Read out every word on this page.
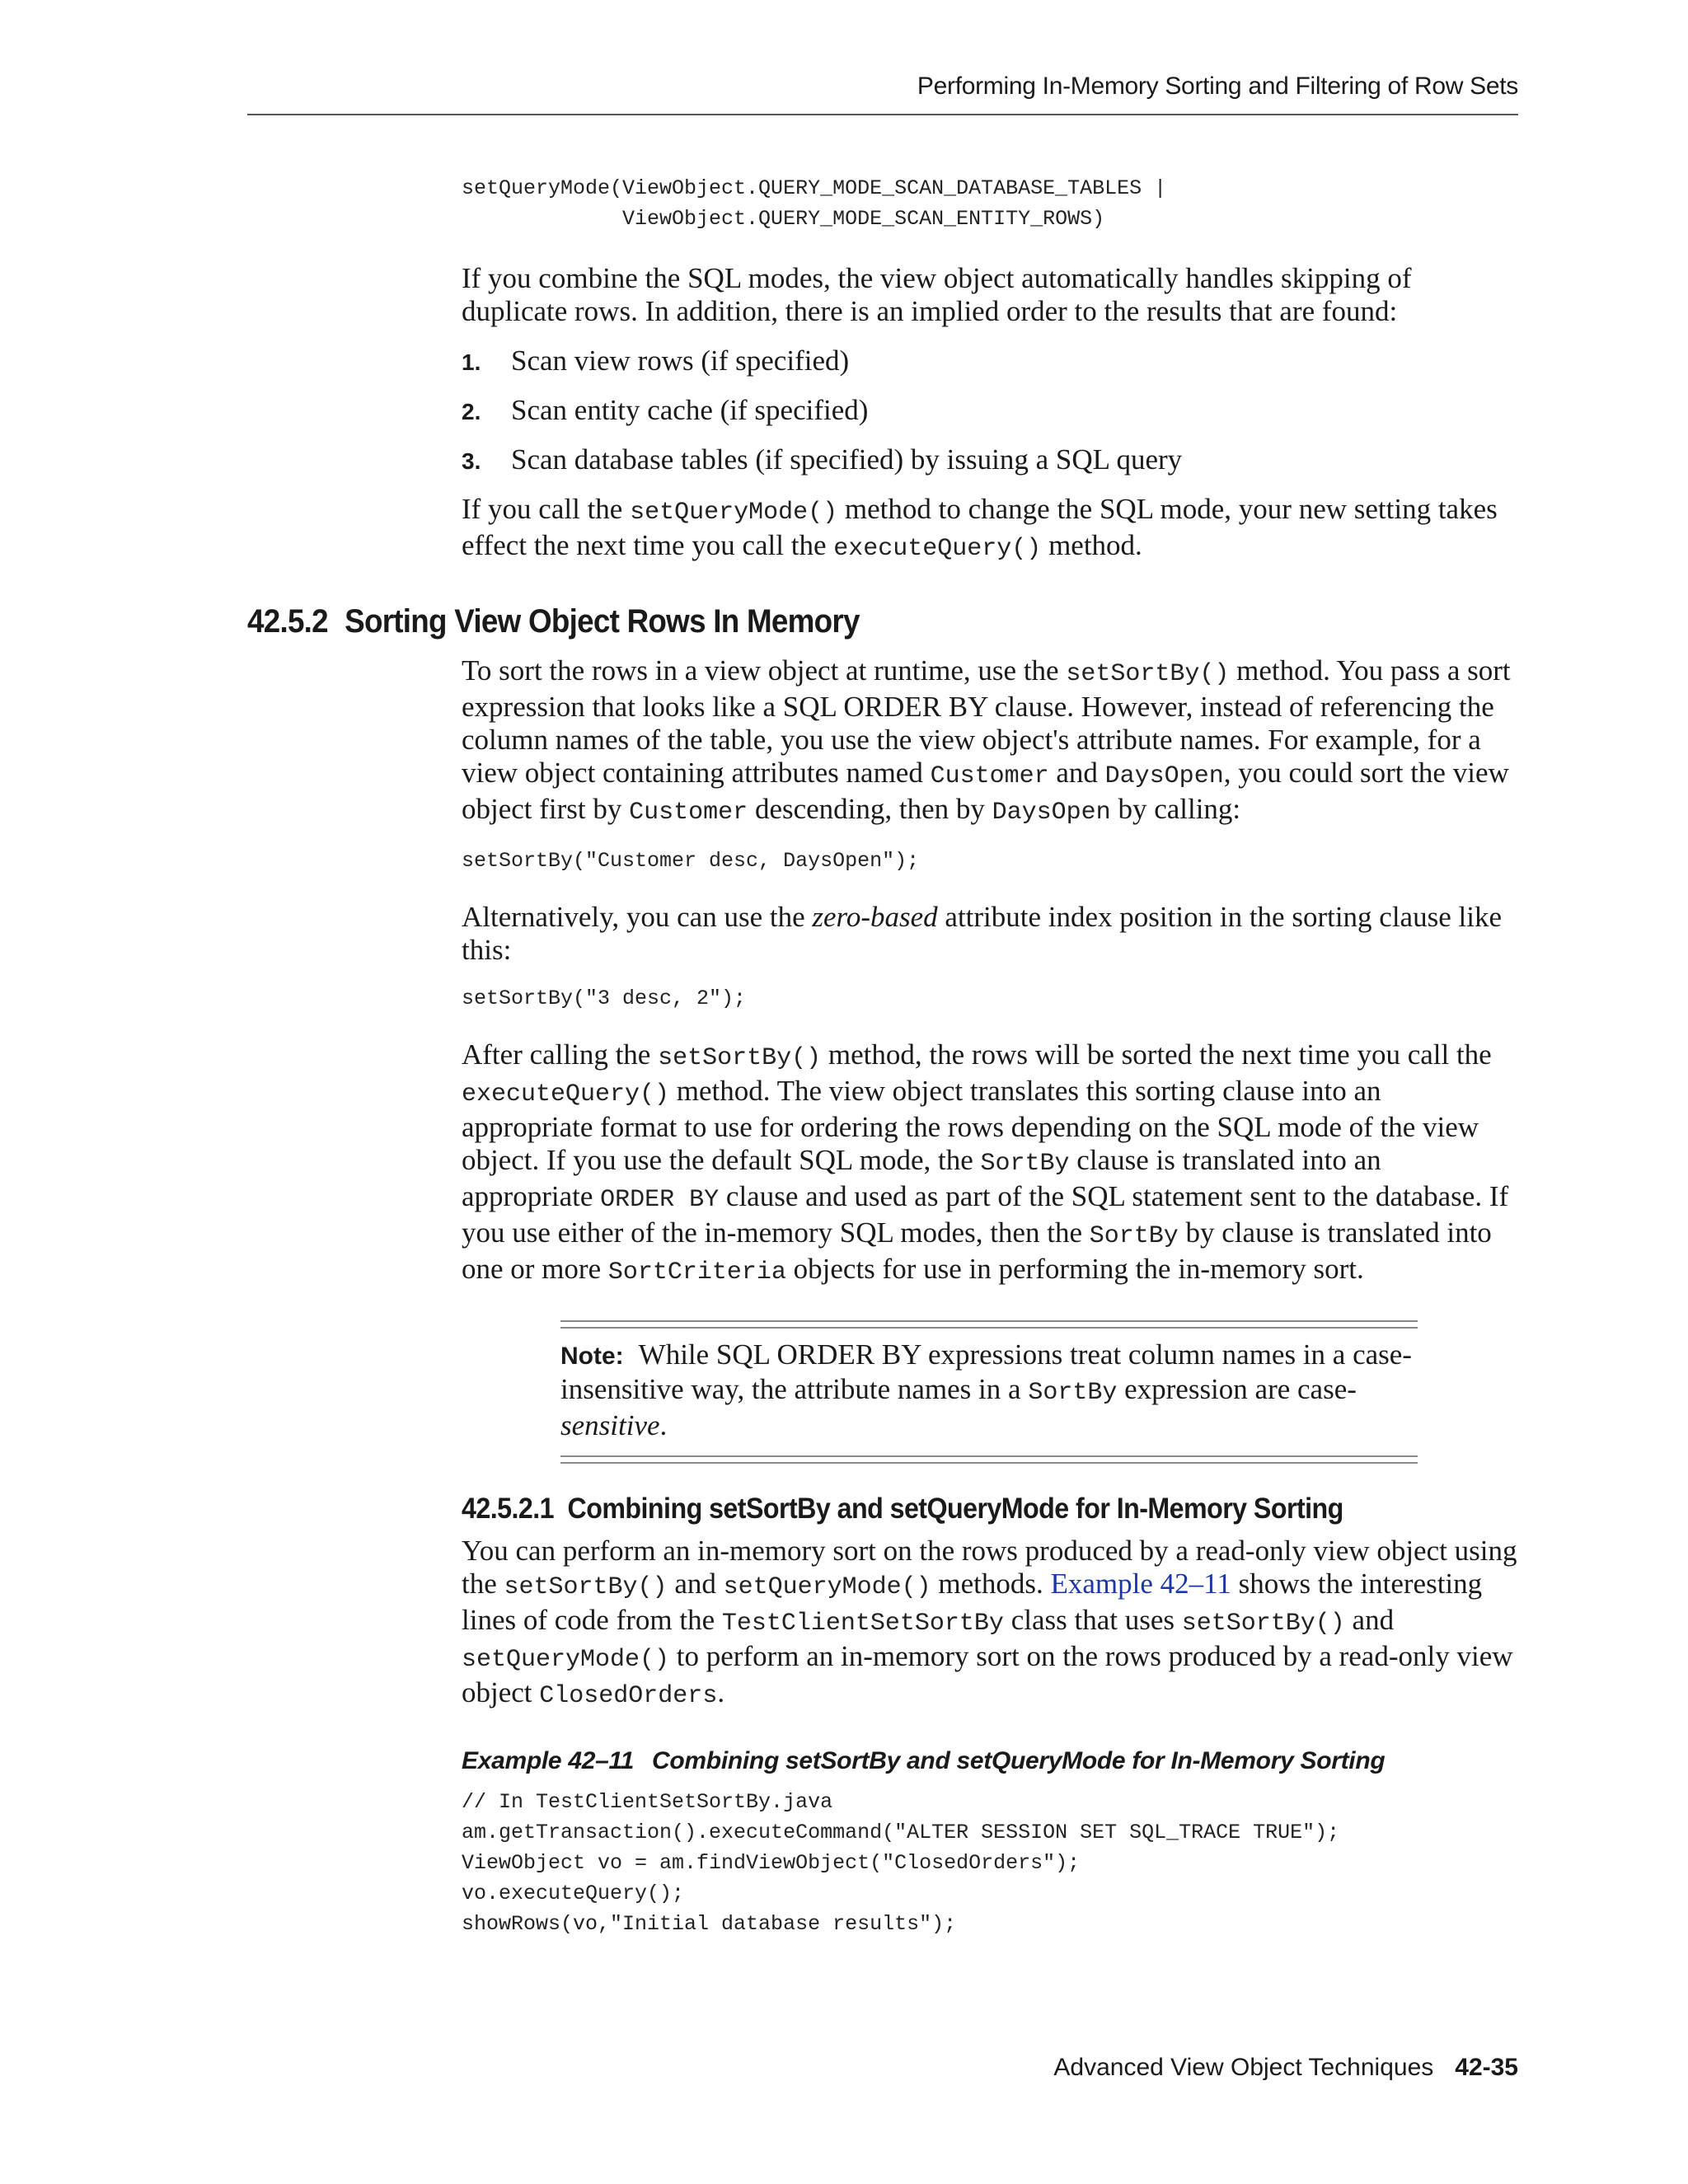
Performing In-Memory Sorting and Filtering of Row Sets
setQueryMode(ViewObject.QUERY_MODE_SCAN_DATABASE_TABLES |
ViewObject.QUERY_MODE_SCAN_ENTITY_ROWS)

If you combine the SQL modes, the view object automatically handles skipping of duplicate rows. In addition, there is an implied order to the results that are found:

1. Scan view rows (if specified)

2. Scan entity cache (if specified)

3. Scan database tables (if specified) by issuing a SQL query

If you call the setQueryMode() method to change the SQL mode, your new setting takes effect the next time you call the executeQuery() method.

42.5.2 Sorting View Object Rows In Memory

To sort the rows in a view object at runtime, use the setSortBy() method. You pass a sort expression that looks like a SQL ORDER BY clause. However, instead of referencing the column names of the table, you use the view object's attribute names. For example, for a view object containing attributes named Customer and DaysOpen, you could sort the view object first by Customer descending, then by DaysOpen by calling:

setSortBy("Customer desc, DaysOpen");

Alternatively, you can use the zero-based attribute index position in the sorting clause like this:

setSortBy("3 desc, 2");

After calling the setSortBy() method, the rows will be sorted the next time you call the executeQuery() method. The view object translates this sorting clause into an appropriate format to use for ordering the rows depending on the SQL mode of the view object. If you use the default SQL mode, the SortBy clause is translated into an appropriate ORDER BY clause and used as part of the SQL statement sent to the database. If you use either of the in-memory SQL modes, then the SortBy by clause is translated into one or more SortCriteria objects for use in performing the in-memory sort.

Note: While SQL ORDER BY expressions treat column names in a case-insensitive way, the attribute names in a SortBy expression are case-sensitive.

42.5.2.1 Combining setSortBy and setQueryMode for In-Memory Sorting

You can perform an in-memory sort on the rows produced by a read-only view object using the setSortBy() and setQueryMode() methods. Example 42–11 shows the interesting lines of code from the TestClientSetSortBy class that uses setSortBy() and setQueryMode() to perform an in-memory sort on the rows produced by a read-only view object ClosedOrders.

Example 42–11 Combining setSortBy and setQueryMode for In-Memory Sorting

// In TestClientSetSortBy.java
am.getTransaction().executeCommand("ALTER SESSION SET SQL_TRACE TRUE");
ViewObject vo = am.findViewObject("ClosedOrders");
vo.executeQuery();
showRows(vo,"Initial database results");
Advanced View Object Techniques 42-35
